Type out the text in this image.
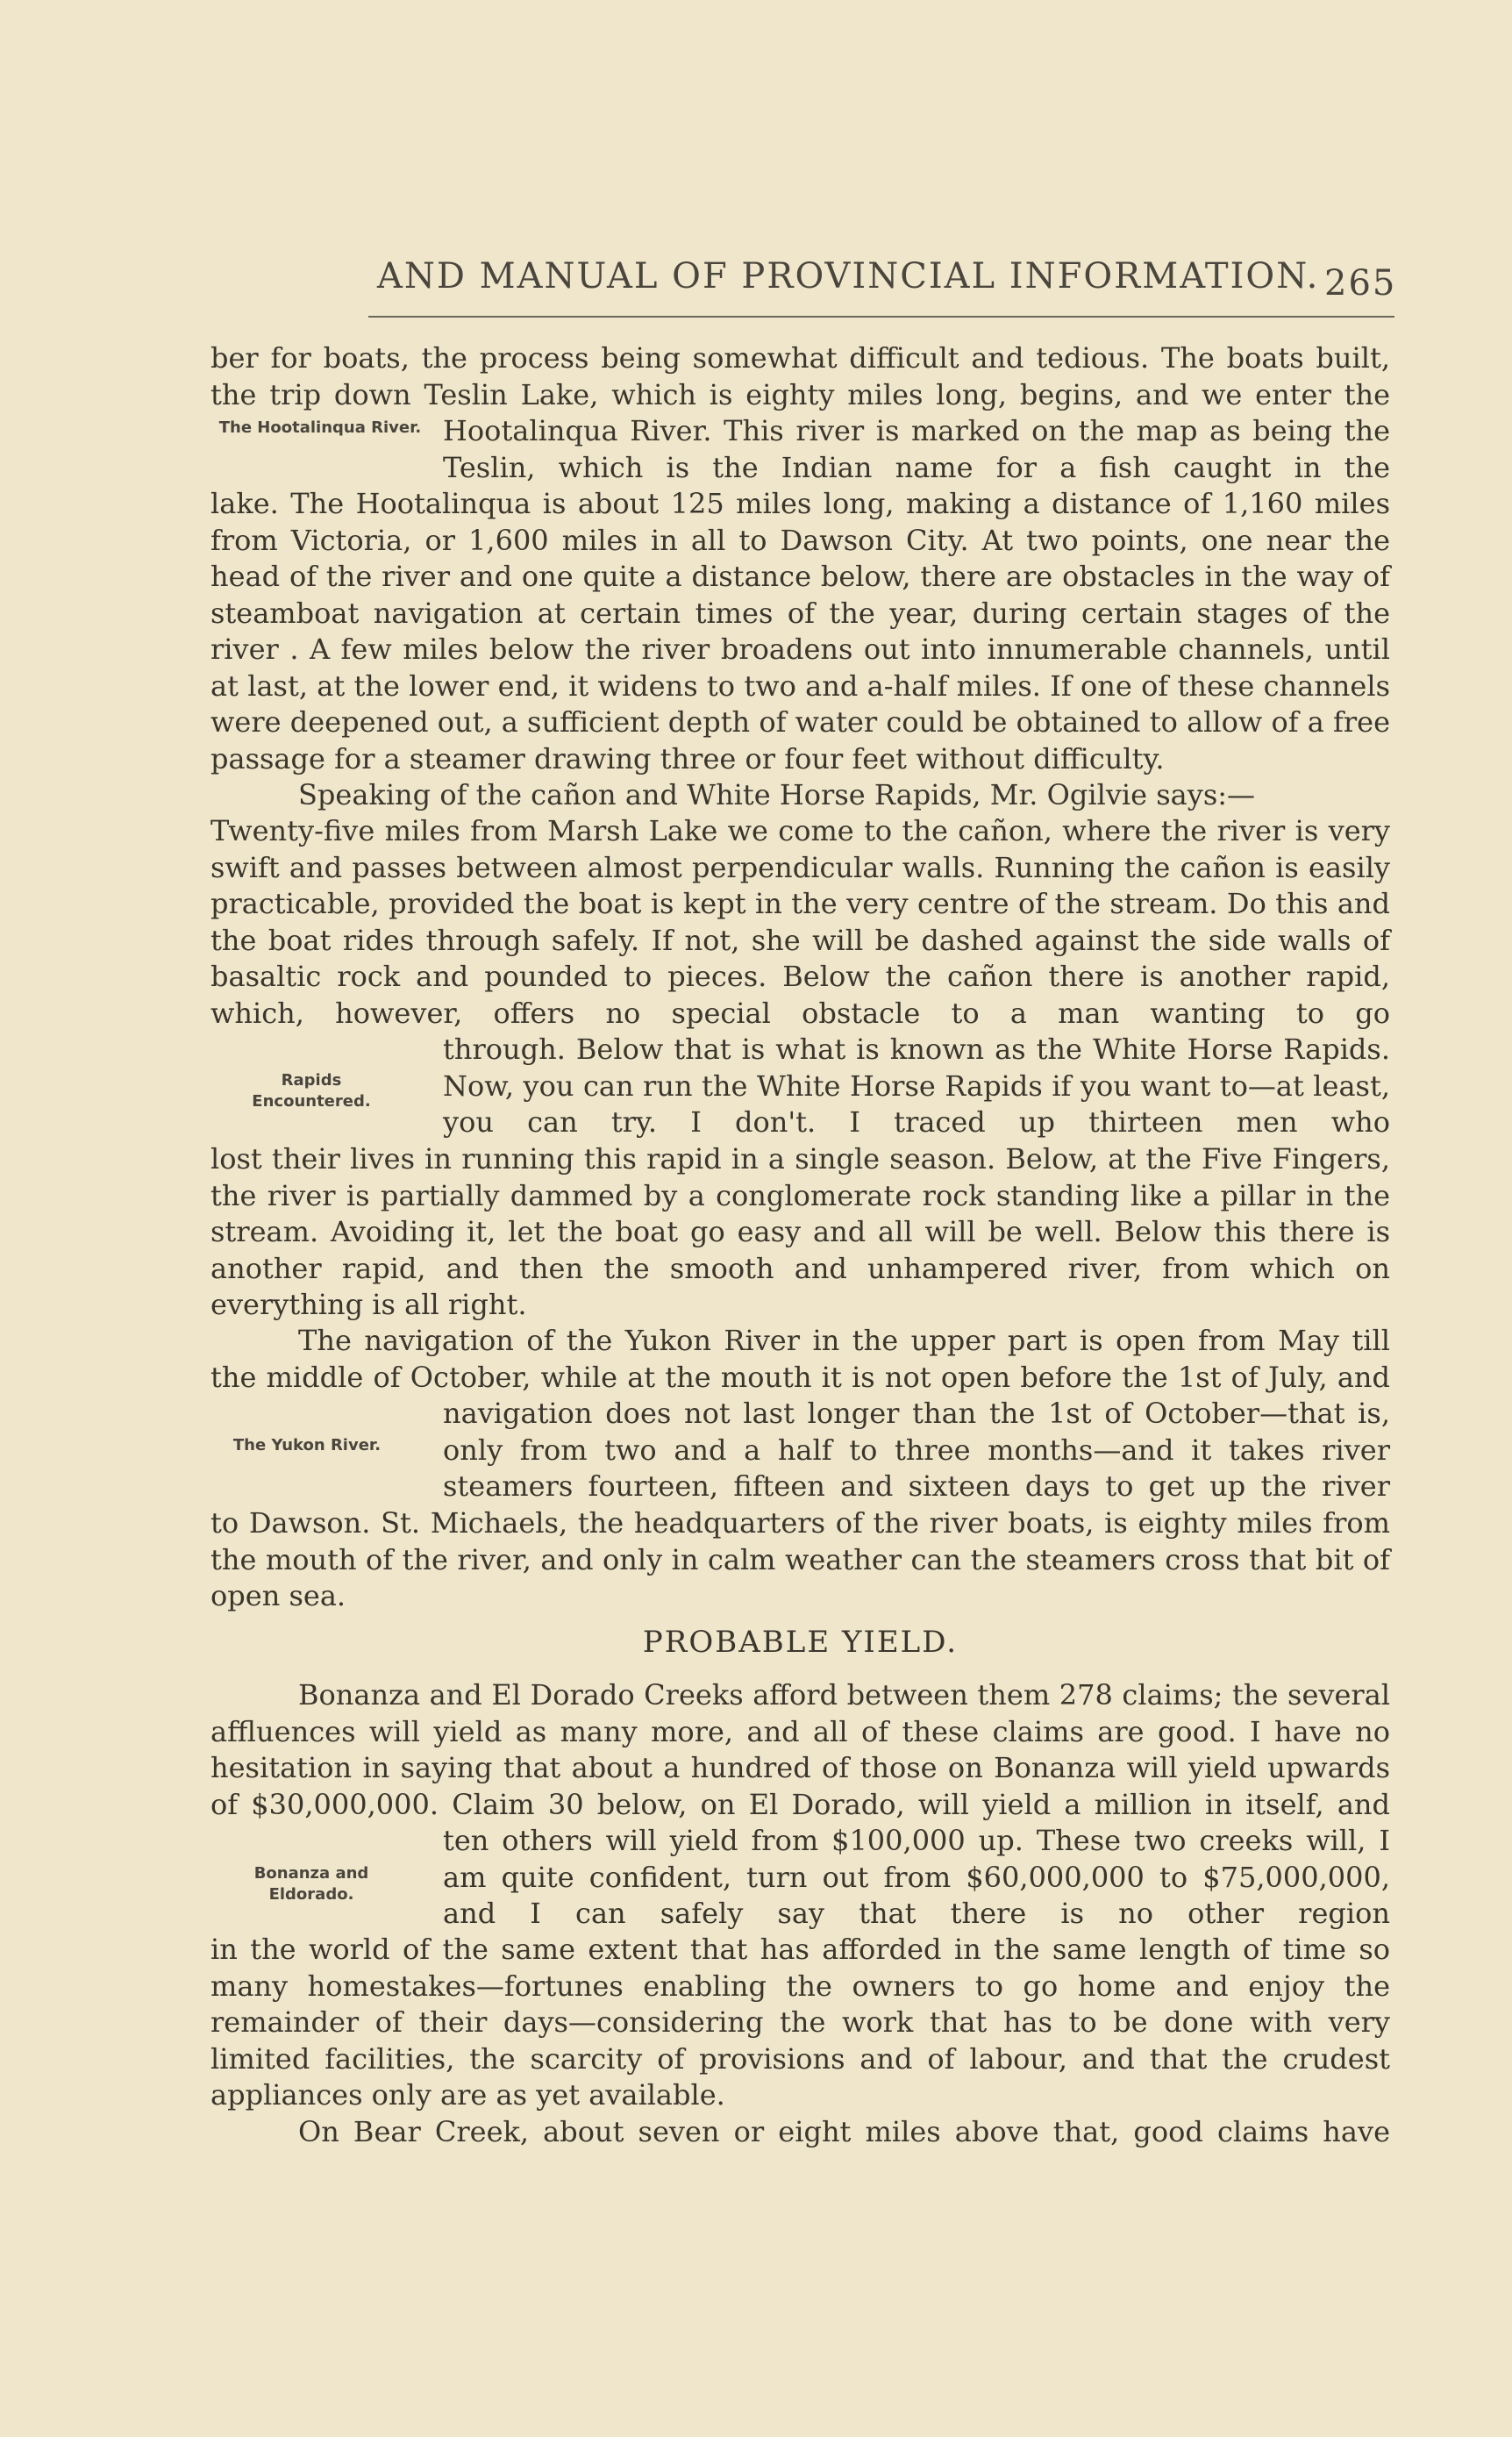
AND MANUAL OF PROVINCIAL INFORMATION. 265

ber for boats, the process being somewhat difficult and tedious. The boats built, the trip down Teslin Lake, which is eighty miles long, begins, and we enter the

The Hootalinqua River. Hootalinqua River. This river is marked on the map as being the Teslin, which is the Indian name for a fish caught in the

lake. The Hootalinqua is about 125 miles long, making a distance of 1,160 miles from Victoria, or 1,600 miles in all to Dawson City. At two points, one near the head of the river and one quite a distance below, there are obstacles in the way of steamboat navigation at certain times of the year, during certain stages of the river . A few miles below the river broadens out into innumerable channels, until at last, at the lower end, it widens to two and a-half miles. If one of these channels were deepened out, a sufficient depth of water could be obtained to allow of a free passage for a steamer drawing three or four feet without difficulty.

Speaking of the cañon and White Horse Rapids, Mr. Ogilvie says:—

Twenty-five miles from Marsh Lake we come to the cañon, where the river is very swift and passes between almost perpendicular walls. Running the cañon is easily practicable, provided the boat is kept in the very centre of the stream. Do this and the boat rides through safely. If not, she will be dashed against the side walls of basaltic rock and pounded to pieces. Below the cañon there is another rapid, which, however, offers no special obstacle to a man wanting to go

Rapids Encountered.

through. Below that is what is known as the White Horse Rapids. Now, you can run the White Horse Rapids if you want to—at least, you can try. I don't. I traced up thirteen men who

lost their lives in running this rapid in a single season. Below, at the Five Fingers, the river is partially dammed by a conglomerate rock standing like a pillar in the stream. Avoiding it, let the boat go easy and all will be well. Below this there is another rapid, and then the smooth and unhampered river, from which on everything is all right.

The navigation of the Yukon River in the upper part is open from May till the middle of October, while at the mouth it is not open before the 1st of July, and

The Yukon River.

navigation does not last longer than the 1st of October—that is, only from two and a half to three months—and it takes river steamers fourteen, fifteen and sixteen days to get up the river

to Dawson. St. Michaels, the headquarters of the river boats, is eighty miles from the mouth of the river, and only in calm weather can the steamers cross that bit of open sea.

PROBABLE YIELD.

Bonanza and El Dorado Creeks afford between them 278 claims; the several affluences will yield as many more, and all of these claims are good. I have no hesitation in saying that about a hundred of those on Bonanza will yield upwards of $30,000,000. Claim 30 below, on El Dorado, will yield a million in itself, and

Bonanza and Eldorado.

ten others will yield from $100,000 up. These two creeks will, I am quite confident, turn out from $60,000,000 to $75,000,000, and I can safely say that there is no other region

in the world of the same extent that has afforded in the same length of time so many homestakes—fortunes enabling the owners to go home and enjoy the remainder of their days—considering the work that has to be done with very limited facilities, the scarcity of provisions and of labour, and that the crudest appliances only are as yet available.

On Bear Creek, about seven or eight miles above that, good claims have
